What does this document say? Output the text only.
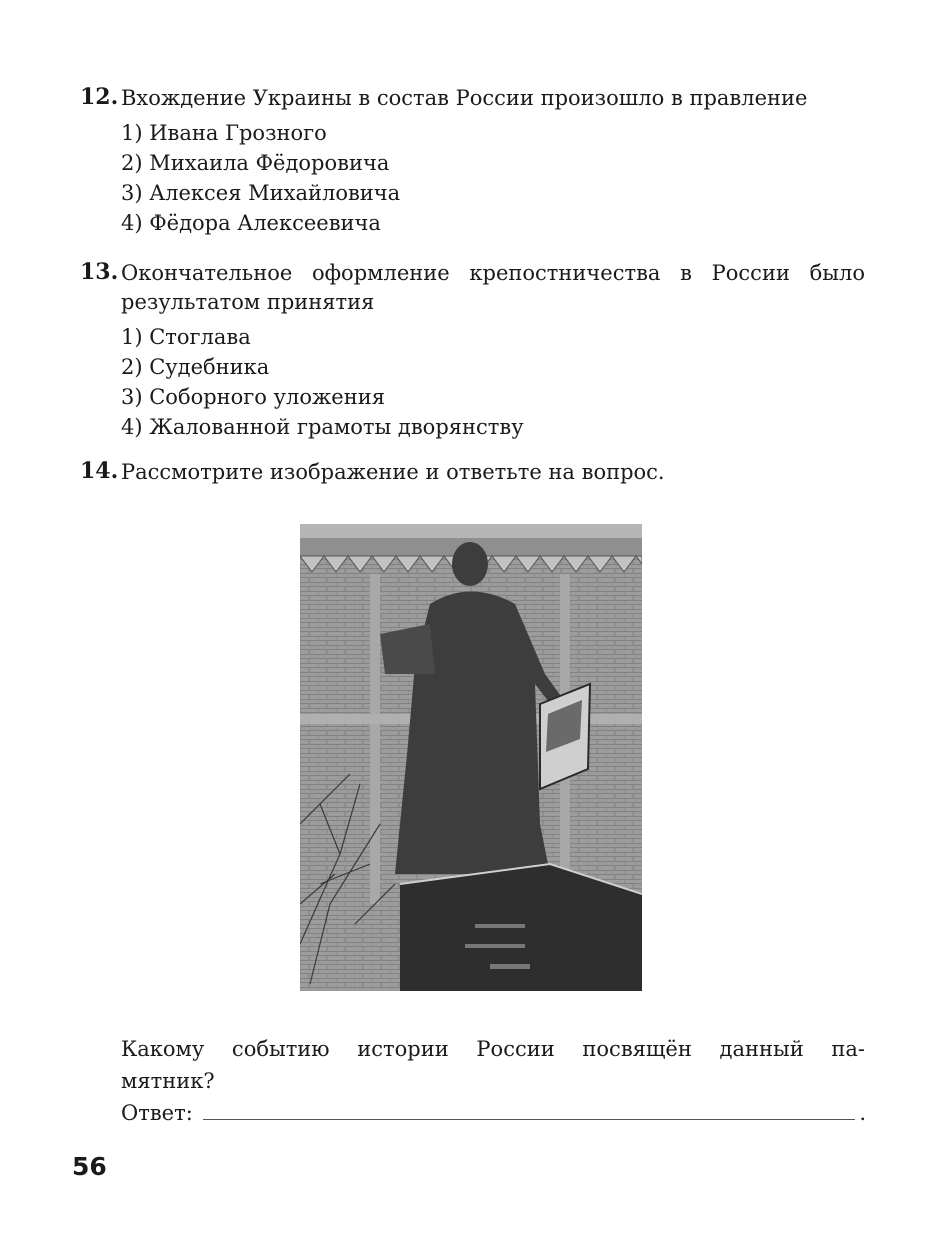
12. Вхождение Украины в состав России произошло в правление
1) Ивана Грозного
2) Михаила Фёдоровича
3) Алексея Михайловича
4) Фёдора Алексеевича
13. Окончательное оформление крепостничества в России было
результатом принятия
1) Стоглава
2) Судебника
3) Соборного уложения
4) Жалованной грамоты дворянству
14. Рассмотрите изображение и ответьте на вопрос.
Какому событию истории России посвящён данный па-
мятник?
Ответ:	.
56
